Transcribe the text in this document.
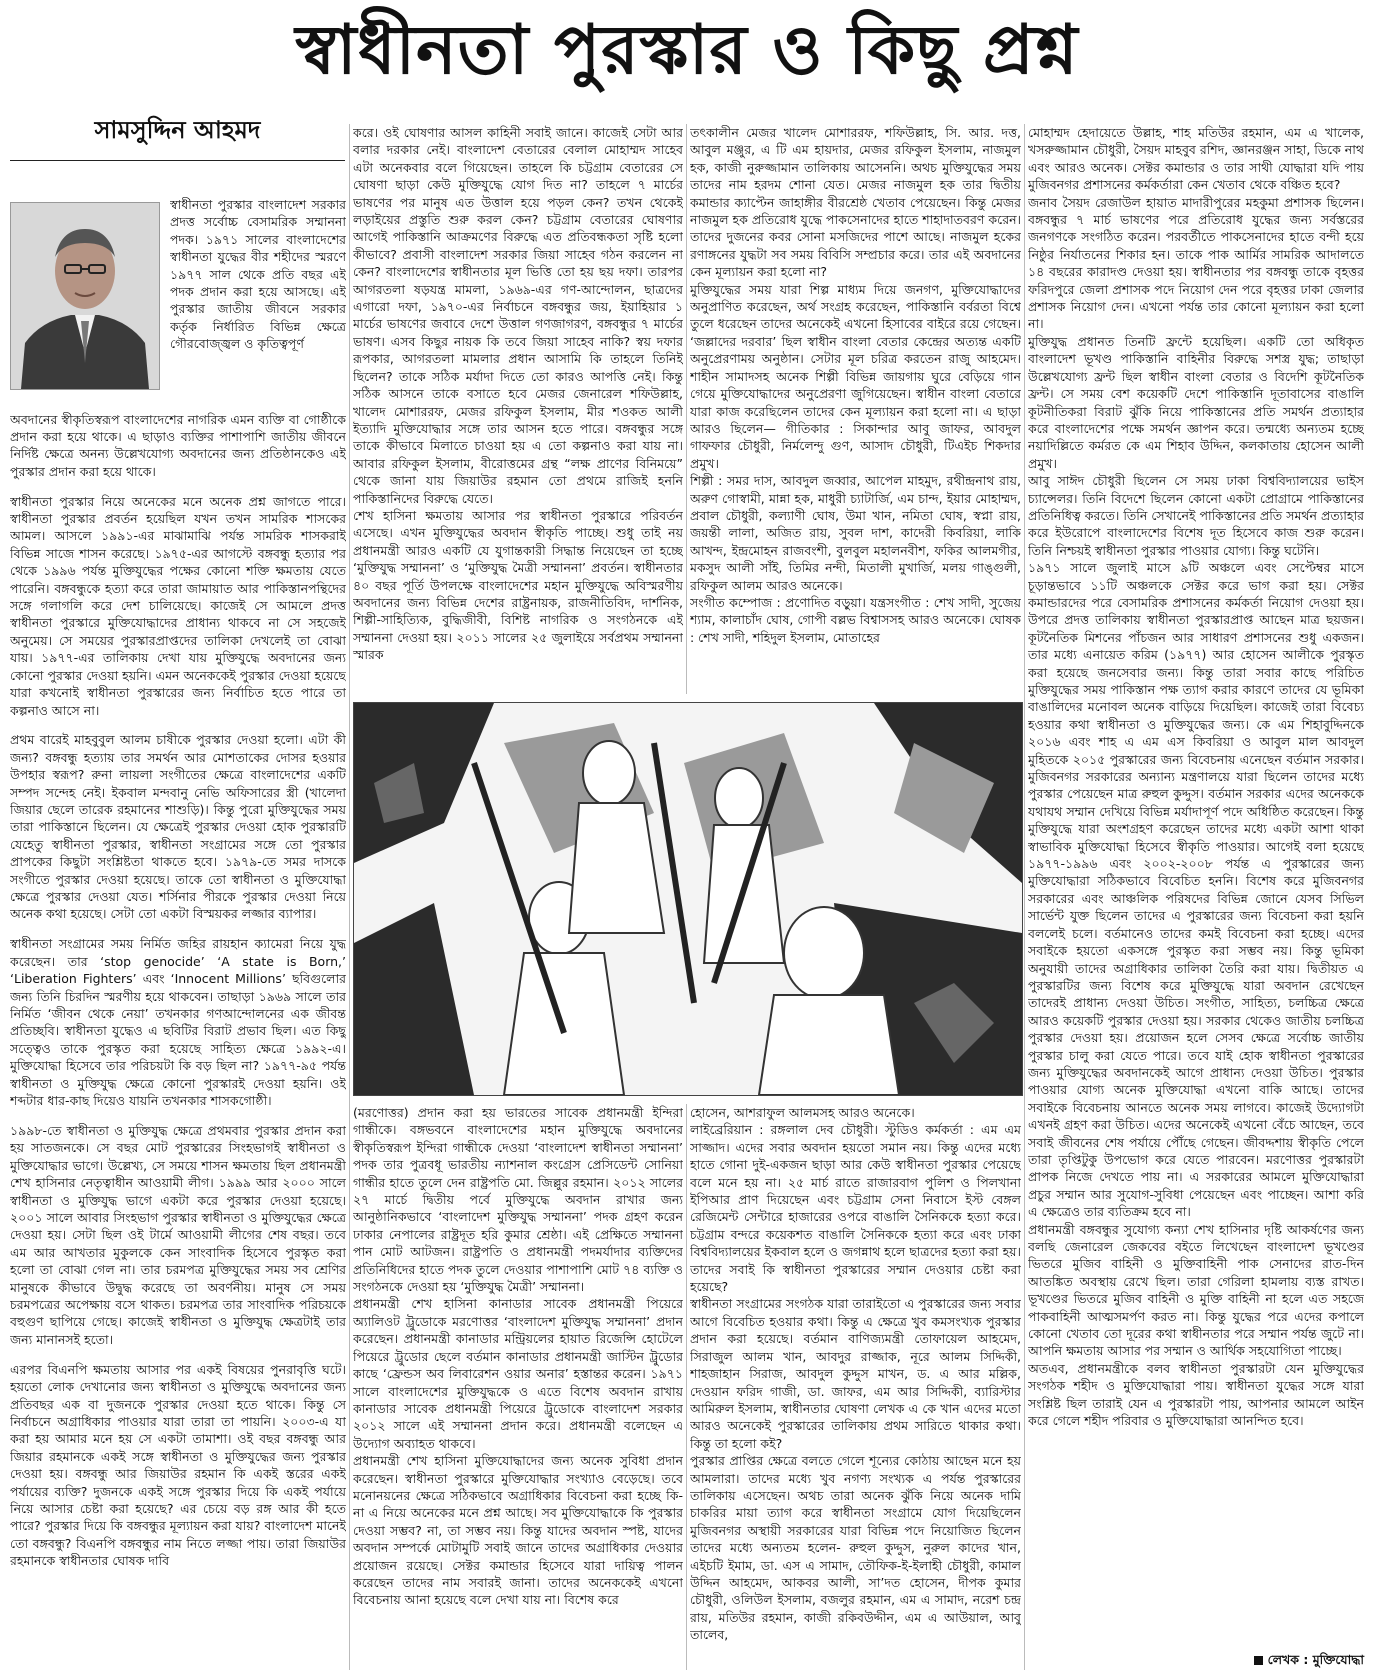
স্বাধীনতা পুরস্কার ও কিছু প্রশ্ন
সামসুদ্দিন আহমদ
স্বাধীনতা পুরস্কার বাংলাদেশ সরকার প্রদত্ত সর্বোচ্চ বেসামরিক সম্মাননা পদক। ১৯৭১ সালের বাংলাদেশের স্বাধীনতা যুদ্ধের বীর শহীদের স্মরণে ১৯৭৭ সাল থেকে প্রতি বছর এই পদক প্রদান করা হয়ে আসছে। এই পুরস্কার জাতীয় জীবনে সরকার কর্তৃক নির্ধারিত বিভিন্ন ক্ষেত্রে গৌরবোজ্জ্বল ও কৃতিত্বপূর্ণ

অবদানের স্বীকৃতিস্বরূপ বাংলাদেশের নাগরিক এমন ব্যক্তি বা গোষ্ঠীকে প্রদান করা হয়ে থাকে। এ ছাড়াও ব্যক্তির পাশাপাশি জাতীয় জীবনে নির্দিষ্ট ক্ষেত্রে অনন্য উল্লেখযোগ্য অবদানের জন্য প্রতিষ্ঠানকেও এই পুরস্কার প্রদান করা হয়ে থাকে।

স্বাধীনতা পুরস্কার নিয়ে অনেকের মনে অনেক প্রশ্ন জাগতে পারে। স্বাধীনতা পুরস্কার প্রবর্তন হয়েছিল যখন তখন সামরিক শাসকের আমল। আসলে ১৯৯১-এর মাঝামাঝি পর্যন্ত সামরিক শাসকরাই বিভিন্ন সাজে শাসন করেছে। ১৯৭৫-এর আগস্টে বঙ্গবন্ধু হত্যার পর থেকে ১৯৯৬ পর্যন্ত মুক্তিযুদ্ধের পক্ষের কোনো শক্তি ক্ষমতায় যেতে পারেনি। বঙ্গবন্ধুকে হত্যা করে তারা জামায়াত আর পাকিস্তানপন্থিদের সঙ্গে গলাগলি করে দেশ চালিয়েছে। কাজেই সে আমলে প্রদত্ত স্বাধীনতা পুরস্কারে মুক্তিযোদ্ধাদের প্রাধান্য থাকবে না সে সহজেই অনুমেয়। সে সময়ের পুরস্কারপ্রাপ্তদের তালিকা দেখলেই তা বোঝা যায়। ১৯৭৭-এর তালিকায় দেখা যায় মুক্তিযুদ্ধে অবদানের জন্য কোনো পুরস্কার দেওয়া হয়নি। এমন অনেককেই পুরস্কার দেওয়া হয়েছে যারা কখনোই স্বাধীনতা পুরস্কারের জন্য নির্বাচিত হতে পারে তা কল্পনাও আসে না।

প্রথম বারেই মাহবুবুল আলম চাষীকে পুরস্কার দেওয়া হলো। এটা কী জন্য? বঙ্গবন্ধু হত্যায় তার সমর্থন আর মোশতাকের দোসর হওয়ার উপহার স্বরূপ? রুনা লায়লা সংগীতের ক্ষেত্রে বাংলাদেশের একটি সম্পদ সন্দেহ নেই। ইকবাল মন্দবানু নেভি অফিসারের স্ত্রী (খালেদা জিয়ার ছেলে তারেক রহমানের শাশুড়ি)। কিন্তু পুরো মুক্তিযুদ্ধের সময় তারা পাকিস্তানে ছিলেন। যে ক্ষেত্রেই পুরস্কার দেওয়া হোক পুরস্কারটি যেহেতু স্বাধীনতা পুরস্কার, স্বাধীনতা সংগ্রামের সঙ্গে তো পুরস্কার প্রাপকের কিছুটা সংশ্লিষ্টতা থাকতে হবে। ১৯৭৯-তে সমর দাসকে সংগীতে পুরস্কার দেওয়া হয়েছে। তাকে তো স্বাধীনতা ও মুক্তিযোদ্ধা ক্ষেত্রে পুরস্কার দেওয়া যেত। শর্সিনার পীরকে পুরস্কার দেওয়া নিয়ে অনেক কথা হয়েছে। সেটা তো একটা বিস্ময়কর লজ্জার ব্যাপার।

স্বাধীনতা সংগ্রামের সময় নির্মিত জহির রায়হান ক্যামেরা নিয়ে যুদ্ধ করেছেন। তার ‘stop genocide’ ‘A state is Born,’ ‘Liberation Fighters’ এবং ‘Innocent Millions’ ছবিগুলোর জন্য তিনি চিরদিন স্মরণীয় হয়ে থাকবেন। তাছাড়া ১৯৬৯ সালে তার নির্মিত ‘জীবন থেকে নেয়া’ তখনকার গণআন্দোলনের এক জীবন্ত প্রতিচ্ছবি। স্বাধীনতা যুদ্ধেও এ ছবিটির বিরাট প্রভাব ছিল। এত কিছু সত্ত্বেও তাকে পুরস্কৃত করা হয়েছে সাহিত্য ক্ষেত্রে ১৯৯২-এ। মুক্তিযোদ্ধা হিসেবে তার পরিচয়টা কি বড় ছিল না? ১৯৭৭-৯৫ পর্যন্ত স্বাধীনতা ও মুক্তিযুদ্ধ ক্ষেত্রে কোনো পুরস্কারই দেওয়া হয়নি। ওই শব্দটার ধার-কাছ দিয়েও যায়নি তখনকার শাসকগোষ্ঠী।

১৯৯৮-তে স্বাধীনতা ও মুক্তিযুদ্ধ ক্ষেত্রে প্রথমবার পুরস্কার প্রদান করা হয় সাতজনকে। সে বছর মোট পুরস্কারের সিংহভাগই স্বাধীনতা ও মুক্তিযোদ্ধার ভাগে। উল্লেখ্য, সে সময়ে শাসন ক্ষমতায় ছিল প্রধানমন্ত্রী শেখ হাসিনার নেতৃত্বাধীন আওয়ামী লীগ। ১৯৯৯ আর ২০০০ সালে স্বাধীনতা ও মুক্তিযুদ্ধ ভাগে একটা করে পুরস্কার দেওয়া হয়েছে। ২০০১ সালে আবার সিংহভাগ পুরস্কার স্বাধীনতা ও মুক্তিযুদ্ধের ক্ষেত্রে দেওয়া হয়। সেটা ছিল ওই টার্মে আওয়ামী লীগের শেষ বছর। তবে এম আর আখতার মুকুলকে কেন সাংবাদিক হিসেবে পুরস্কৃত করা হলো তা বোঝা গেল না। তার চরমপত্র মুক্তিযুদ্ধের সময় সব শ্রেণির মানুষকে কীভাবে উদ্বুদ্ধ করেছে তা অবর্ণনীয়। মানুষ সে সময় চরমপত্রের অপেক্ষায় বসে থাকত। চরমপত্র তার সাংবাদিক পরিচয়কে বহুগুণ ছাপিয়ে গেছে। কাজেই স্বাধীনতা ও মুক্তিযুদ্ধ ক্ষেত্রটাই তার জন্য মানানসই হতো।

এরপর বিএনপি ক্ষমতায় আসার পর একই বিষয়ের পুনরাবৃত্তি ঘটে। হয়তো লোক দেখানোর জন্য স্বাধীনতা ও মুক্তিযুদ্ধে অবদানের জন্য প্রতিবছর এক বা দুজনকে পুরস্কার দেওয়া হতে থাকে। কিন্তু সে নির্বাচনে অগ্রাধিকার পাওয়ার যারা তারা তা পায়নি। ২০০৩-এ যা করা হয় আমার মনে হয় সে একটা তামাশা। ওই বছর বঙ্গবন্ধু আর জিয়ার রহমানকে একই সঙ্গে স্বাধীনতা ও মুক্তিযুদ্ধের জন্য পুরস্কার দেওয়া হয়। বঙ্গবন্ধু আর জিয়াউর রহমান কি একই স্তরের একই পর্যায়ের ব্যক্তি? দুজনকে একই সঙ্গে পুরস্কার দিয়ে কি একই পর্যায়ে নিয়ে আসার চেষ্টা করা হয়েছে? এর চেয়ে বড় রঙ্গ আর কী হতে পারে? পুরস্কার দিয়ে কি বঙ্গবন্ধুর মূল্যায়ন করা যায়? বাংলাদেশ মানেই তো বঙ্গবন্ধু? বিএনপি বঙ্গবন্ধুর নাম নিতে লজ্জা পায়। তারা জিয়াউর রহমানকে স্বাধীনতার ঘোষক দাবি

করে। ওই ঘোষণার আসল কাহিনী সবাই জানে। কাজেই সেটা আর বলার দরকার নেই। বাংলাদেশ বেতারের বেলাল মোহাম্মদ সাহেব এটা অনেকবার বলে গিয়েছেন। তাহলে কি চট্টগ্রাম বেতারের সে ঘোষণা ছাড়া কেউ মুক্তিযুদ্ধে যোগ দিত না? তাহলে ৭ মার্চের ভাষণের পর মানুষ এত উত্তাল হয়ে পড়ল কেন? তখন থেকেই লড়াইয়ের প্রস্তুতি শুরু করল কেন? চট্টগ্রাম বেতারের ঘোষণার আগেই পাকিস্তানি আক্রমণের বিরুদ্ধে এত প্রতিবন্ধকতা সৃষ্টি হলো কীভাবে? প্রবাসী বাংলাদেশ সরকার জিয়া সাহেব গঠন করলেন না কেন? বাংলাদেশের স্বাধীনতার মূল ভিত্তি তো হয় ছয় দফা। তারপর আগরতলা ষড়যন্ত্র মামলা, ১৯৬৯-এর গণ-আন্দোলন, ছাত্রদের এগারো দফা, ১৯৭০-এর নির্বাচনে বঙ্গবন্ধুর জয়, ইয়াহিয়ার ১ মার্চের ভাষণের জবাবে দেশে উত্তাল গণজাগরণ, বঙ্গবন্ধুর ৭ মার্চের ভাষণ। এসব কিছুর নায়ক কি তবে জিয়া সাহেব নাকি? স্বয় দফার রূপকার, আগরতলা মামলার প্রধান আসামি কি তাহলে তিনিই ছিলেন? তাকে সঠিক মর্যাদা দিতে তো কারও আপত্তি নেই। কিন্তু সঠিক আসনে তাকে বসাতে হবে মেজর জেনারেল শফিউল্লাহ, খালেদ মোশাররফ, মেজর রফিকুল ইসলাম, মীর শওকত আলী ইত্যাদি মুক্তিযোদ্ধার সঙ্গে তার আসন হতে পারে। বঙ্গবন্ধুর সঙ্গে তাকে কীভাবে মিলাতে চাওয়া হয় এ তো কল্পনাও করা যায় না। আবার রফিকুল ইসলাম, বীরোত্তমের গ্রন্থ “লক্ষ প্রাণের বিনিময়ে” থেকে জানা যায় জিয়াউর রহমান তো প্রথমে রাজিই হননি পাকিস্তানিদের বিরুদ্ধে যেতে।
শেখ হাসিনা ক্ষমতায় আসার পর স্বাধীনতা পুরস্কারে পরিবর্তন এসেছে। এখন মুক্তিযুদ্ধের অবদান স্বীকৃতি পাচ্ছে। শুধু তাই নয় প্রধানমন্ত্রী আরও একটি যে যুগান্তকারী সিদ্ধান্ত নিয়েছেন তা হচ্ছে ‘মুক্তিযুদ্ধ সম্মাননা’ ও ‘মুক্তিযুদ্ধ মৈত্রী সম্মাননা’ প্রবর্তন। স্বাধীনতার ৪০ বছর পূর্তি উপলক্ষে বাংলাদেশের মহান মুক্তিযুদ্ধে অবিস্মরণীয় অবদানের জন্য বিভিন্ন দেশের রাষ্ট্রনায়ক, রাজনীতিবিদ, দার্শনিক, শিল্পী-সাহিত্যিক, বুদ্ধিজীবী, বিশিষ্ট নাগরিক ও সংগঠনকে এই সম্মাননা দেওয়া হয়। ২০১১ সালের ২৫ জুলাইয়ে সর্বপ্রথম সম্মাননা স্মারক
তৎকালীন মেজর খালেদ মোশাররফ, শফিউল্লাহ, সি. আর. দত্ত, আবুল মঞ্জুর, এ টি এম হায়দার, মেজর রফিকুল ইসলাম, নাজমুল হক, কাজী নুরুজ্জামান তালিকায় আসেননি। অথচ মুক্তিযুদ্ধের সময় তাদের নাম হরদম শোনা যেত। মেজর নাজমুল হক তার দ্বিতীয় কমান্ডার ক্যাপ্টেন জাহাঙ্গীর বীরশ্রেষ্ঠ খেতাব পেয়েছেন। কিন্তু মেজর নাজমুল হক প্রতিরোধ যুদ্ধে পাকসেনাদের হাতে শাহাদাতবরণ করেন। তাদের দুজনের কবর সোনা মসজিদের পাশে আছে। নাজমুল হকের রণাঙ্গনের যুদ্ধটা সব সময় বিবিসি সম্প্রচার করে। তার এই অবদানের কেন মূল্যায়ন করা হলো না?
মুক্তিযুদ্ধের সময় যারা শিল্প মাধ্যম দিয়ে জনগণ, মুক্তিযোদ্ধাদের অনুপ্রাণিত করেছেন, অর্থ সংগ্রহ করেছেন, পাকিস্তানি বর্বরতা বিশ্বে তুলে ধরেছেন তাদের অনেকেই এখনো হিসাবের বাইরে রয়ে গেছেন। ‘জল্লাদের দরবার’ ছিল স্বাধীন বাংলা বেতার কেন্দ্রের অত্যন্ত একটি অনুপ্রেরণাময় অনুষ্ঠান। সেটার মূল চরিত্র করতেন রাজু আহমেদ। শাহীন সামাদসহ অনেক শিল্পী বিভিন্ন জায়গায় ঘুরে বেড়িয়ে গান গেয়ে মুক্তিযোদ্ধাদের অনুপ্রেরণা জুগিয়েছেন। স্বাধীন বাংলা বেতারে যারা কাজ করেছিলেন তাদের কেন মূল্যায়ন করা হলো না। এ ছাড়া আরও ছিলেন— গীতিকার : সিকান্দার আবু জাফর, আবদুল গাফফার চৌধুরী, নির্মলেন্দু গুণ, আসাদ চৌধুরী, টিএইচ শিকদার প্রমুখ।
শিল্পী : সমর দাস, আবদুল জব্বার, আপেল মাহমুদ, রথীন্দ্রনাথ রায়, অরুণ গোস্বামী, মান্না হক, মাধুরী চ্যাটার্জি, এম চান্দ, ইয়ার মোহাম্মদ, প্রবাল চৌধুরী, কল্যাণী ঘোষ, উমা খান, নমিতা ঘোষ, স্বপ্না রায়, জয়ন্তী লালা, অজিত রায়, সুবল দাশ, কাদেরী কিবরিয়া, লাকি আখন্দ, ইন্দ্রমোহন রাজবংশী, বুলবুল মহালনবীশ, ফকির আলমগীর, মকসুদ আলী সাঁই, তিমির নন্দী, মিতালী মুখার্জি, মলয় গাঙ্গুলী, রফিকুল আলম আরও অনেকে।
সংগীত কম্পোজ : প্রণোদিত বড়ুয়া। যন্ত্রসংগীত : শেখ সাদী, সুজেয় শ্যাম, কালাচাঁদ ঘোষ, গোপী বল্লভ বিশ্বাসসহ আরও অনেকে। ঘোষক : শেখ সাদী, শহিদুল ইসলাম, মোতাহের
(মরণোত্তর) প্রদান করা হয় ভারতের সাবেক প্রধানমন্ত্রী ইন্দিরা গান্ধীকে। বঙ্গভবনে বাংলাদেশের মহান মুক্তিযুদ্ধে অবদানের স্বীকৃতিস্বরূপ ইন্দিরা গান্ধীকে দেওয়া ‘বাংলাদেশ স্বাধীনতা সম্মাননা’ পদক তার পুত্রবধূ ভারতীয় ন্যাশনাল কংগ্রেস প্রেসিডেন্ট সোনিয়া গান্ধীর হাতে তুলে দেন রাষ্ট্রপতি মো. জিল্লুর রহমান। ২০১২ সালের ২৭ মার্চে দ্বিতীয় পর্বে মুক্তিযুদ্ধে অবদান রাখার জন্য আনুষ্ঠানিকভাবে ‘বাংলাদেশ মুক্তিযুদ্ধ সম্মাননা’ পদক গ্রহণ করেন ঢাকার নেপালের রাষ্ট্রদূত হরি কুমার শ্রেষ্ঠা। এই প্রেক্ষিতে সম্মাননা পান মোট আটজন। রাষ্ট্রপতি ও প্রধানমন্ত্রী পদমর্যাদার ব্যক্তিদের প্রতিনিধিদের হাতে পদক তুলে দেওয়ার পাশাপাশি মোট ৭৪ ব্যক্তি ও সংগঠনকে দেওয়া হয় ‘মুক্তিযুদ্ধ মৈত্রী’ সম্মাননা।
প্রধানমন্ত্রী শেখ হাসিনা কানাডার সাবেক প্রধানমন্ত্রী পিয়েরে অ্যালিওট ট্রুডোকে মরণোত্তর ‘বাংলাদেশ মুক্তিযুদ্ধ সম্মাননা’ প্রদান করেছেন। প্রধানমন্ত্রী কানাডার মন্ট্রিয়লের হায়াত রিজেন্সি হোটেলে পিয়েরে ট্রুডোর ছেলে বর্তমান কানাডার প্রধানমন্ত্রী জাস্টিন ট্রুডোর কাছে ‘ফ্রেন্ডস অব লিবারেশন ওয়ার অনার’ হস্তান্তর করেন। ১৯৭১ সালে বাংলাদেশের মুক্তিযুদ্ধকে ও এতে বিশেষ অবদান রাখায় কানাডার সাবেক প্রধানমন্ত্রী পিয়েরে ট্রুডোকে বাংলাদেশ সরকার ২০১২ সালে এই সম্মাননা প্রদান করে। প্রধানমন্ত্রী বলেছেন এ উদ্যোগ অব্যাহত থাকবে।
প্রধানমন্ত্রী শেখ হাসিনা মুক্তিযোদ্ধাদের জন্য অনেক সুবিধা প্রদান করেছেন। স্বাধীনতা পুরস্কারে মুক্তিযোদ্ধার সংখ্যাও বেড়েছে। তবে মনোনয়নের ক্ষেত্রে সঠিকভাবে অগ্রাধিকার বিবেচনা করা হচ্ছে কি-না এ নিয়ে অনেকের মনে প্রশ্ন আছে। সব মুক্তিযোদ্ধাকে কি পুরস্কার দেওয়া সম্ভব? না, তা সম্ভব নয়। কিন্তু যাদের অবদান স্পষ্ট, যাদের অবদান সম্পর্কে মোটামুটি সবাই জানে তাদের অগ্রাধিকার দেওয়ার প্রয়োজন রয়েছে। সেক্টর কমান্ডার হিসেবে যারা দায়িত্ব পালন করেছেন তাদের নাম সবারই জানা। তাদের অনেককেই এখনো বিবেচনায় আনা হয়েছে বলে দেখা যায় না। বিশেষ করে
হোসেন, আশরাফুল আলমসহ আরও অনেকে।
লাইব্রেরিয়ান : রঙ্গলাল দেব চৌধুরী। স্টুডিও কর্মকর্তা : এম এম সাজ্জাদ। এদের সবার অবদান হয়তো সমান নয়। কিন্তু এদের মধ্যে হাতে গোনা দুই-একজন ছাড়া আর কেউ স্বাধীনতা পুরস্কার পেয়েছে বলে মনে হয় না। ২৫ মার্চ রাতে রাজারবাগ পুলিশ ও পিলখানা ইপিআর প্রাণ দিয়েছেন এবং চট্টগ্রাম সেনা নিবাসে ইস্ট বেঙ্গল রেজিমেন্ট সেন্টারে হাজারের ওপরে বাঙালি সৈনিককে হত্যা করে। চট্টগ্রাম বন্দরে কয়েকশত বাঙালি সৈনিককে হত্যা করে এবং ঢাকা বিশ্ববিদ্যালয়ের ইকবাল হলে ও জগন্নাথ হলে ছাত্রদের হত্যা করা হয়। তাদের সবাই কি স্বাধীনতা পুরস্কারের সম্মান দেওয়ার চেষ্টা করা হয়েছে?
স্বাধীনতা সংগ্রামের সংগঠক যারা তারাইতো এ পুরস্কারের জন্য সবার আগে বিবেচিত হওয়ার কথা। কিন্তু এ ক্ষেত্রে খুব কমসংখ্যক পুরস্কার প্রদান করা হয়েছে। বর্তমান বাণিজ্যমন্ত্রী তোফায়েল আহমেদ, সিরাজুল আলম খান, আবদুর রাজ্জাক, নূরে আলম সিদ্দিকী, শাহজাহান সিরাজ, আবদুল কুদ্দুস মাখন, ড. এ আর মল্লিক, দেওয়ান ফরিদ গাজী, ডা. জাফর, এম আর সিদ্দিকী, ব্যারিস্টার আমিরুল ইসলাম, স্বাধীনতার ঘোষণা লেখক এ কে খান এদের মতো আরও অনেকেই পুরস্কারের তালিকায় প্রথম সারিতে থাকার কথা। কিন্তু তা হলো কই?
পুরস্কার প্রাপ্তির ক্ষেত্রে বলতে গেলে শূন্যের কোঠায় আছেন মনে হয় আমলারা। তাদের মধ্যে খুব নগণ্য সংখ্যক এ পর্যন্ত পুরস্কারের তালিকায় এসেছেন। অথচ তারা অনেক ঝুঁকি নিয়ে অনেক দামি চাকরির মায়া ত্যাগ করে স্বাধীনতা সংগ্রামে যোগ দিয়েছিলেন মুজিবনগর অস্থায়ী সরকারের যারা বিভিন্ন পদে নিয়োজিত ছিলেন তাদের মধ্যে অন্যতম হলেন- রুহুল কুদ্দুস, নুরুল কাদের খান, এইচটি ইমাম, ডা. এস এ সামাদ, তৌফিক-ই-ইলাহী চৌধুরী, কামাল উদ্দিন আহমেদ, আকবর আলী, সা’দত হোসেন, দীপক কুমার চৌধুরী, ওলিউল ইসলাম, বজলুর রহমান, এম এ সামাদ, নরেশ চন্দ্র রায়, মতিউর রহমান, কাজী রকিবউদ্দীন, এম এ আউয়াল, আবু তালেব,
মোহাম্মদ হেদায়েতে উল্লাহ, শাহ মতিউর রহমান, এম এ খালেক, খসরুজ্জামান চৌধুরী, সৈয়দ মাহবুব রশিদ, জ্ঞানরঞ্জন সাহা, ডিকে নাথ এবং আরও অনেক। সেক্টর কমান্ডার ও তার সাথী যোদ্ধারা যদি পায় মুজিবনগর প্রশাসনের কর্মকর্তারা কেন খেতাব থেকে বঞ্চিত হবে?
জনাব সৈয়দ রেজাউল হায়াত মাদারীপুরের মহকুমা প্রশাসক ছিলেন। বঙ্গবন্ধুর ৭ মার্চ ভাষণের পরে প্রতিরোধ যুদ্ধের জন্য সর্বস্তরের জনগণকে সংগঠিত করেন। পরবর্তীতে পাকসেনাদের হাতে বন্দী হয়ে নিষ্ঠুর নির্যাতনের শিকার হন। তাকে পাক আর্মির সামরিক আদালতে ১৪ বছরের কারাদণ্ড দেওয়া হয়। স্বাধীনতার পর বঙ্গবন্ধু তাকে বৃহত্তর ফরিদপুরে জেলা প্রশাসক পদে নিয়োগ দেন পরে বৃহত্তর ঢাকা জেলার প্রশাসক নিয়োগ দেন। এখনো পর্যন্ত তার কোনো মূল্যায়ন করা হলো না।
মুক্তিযুদ্ধ প্রধানত তিনটি ফ্রন্টে হয়েছিল। একটি তো অধিকৃত বাংলাদেশ ভূখণ্ড পাকিস্তানি বাহিনীর বিরুদ্ধে সশস্ত্র যুদ্ধ; তাছাড়া উল্লেখযোগ্য ফ্রন্ট ছিল স্বাধীন বাংলা বেতার ও বিদেশি কূটনৈতিক ফ্রন্ট। সে সময় বেশ কয়েকটি দেশে পাকিস্তানি দূতাবাসের বাঙালি কূটনীতিকরা বিরাট ঝুঁকি নিয়ে পাকিস্তানের প্রতি সমর্থন প্রত্যাহার করে বাংলাদেশের পক্ষে সমর্থন জ্ঞাপন করে। তন্মধ্যে অন্যতম হচ্ছে নয়াদিল্লিতে কর্মরত কে এম শিহাব উদ্দিন, কলকাতায় হোসেন আলী প্রমুখ।
আবু সাঈদ চৌধুরী ছিলেন সে সময় ঢাকা বিশ্ববিদ্যালয়ের ভাইস চ্যান্সেলর। তিনি বিদেশে ছিলেন কোনো একটা প্রোগ্রামে পাকিস্তানের প্রতিনিধিত্ব করতে। তিনি সেখানেই পাকিস্তানের প্রতি সমর্থন প্রত্যাহার করে ইউরোপে বাংলাদেশের বিশেষ দূত হিসেবে কাজ শুরু করেন। তিনি নিশ্চয়ই স্বাধীনতা পুরস্কার পাওয়ার যোগ্য। কিন্তু ঘটেনি।
১৯৭১ সালে জুলাই মাসে ৯টি অঞ্চলে এবং সেপ্টেম্বর মাসে চূড়ান্তভাবে ১১টি অঞ্চলকে সেক্টর করে ভাগ করা হয়। সেক্টর কমান্ডারদের পরে বেসামরিক প্রশাসনের কর্মকর্তা নিয়োগ দেওয়া হয়। উপরে প্রদত্ত তালিকায় স্বাধীনতা পুরস্কারপ্রাপ্ত আছেন মাত্র ছয়জন। কূটনৈতিক মিশনের পাঁচজন আর সাধারণ প্রশাসনের শুধু একজন। তার মধ্যে এনায়েত করিম (১৯৭৭) আর হোসেন আলীকে পুরস্কৃত করা হয়েছে জনসেবার জন্য। কিন্তু তারা সবার কাছে পরিচিত মুক্তিযুদ্ধের সময় পাকিস্তান পক্ষ ত্যাগ করার কারণে তাদের যে ভূমিকা বাঙালিদের মনোবল অনেক বাড়িয়ে দিয়েছিল। কাজেই তারা বিবেচ্য হওয়ার কথা স্বাধীনতা ও মুক্তিযুদ্ধের জন্য। কে এম শিহাবুদ্দিনকে ২০১৬ এবং শাহ এ এম এস কিবরিয়া ও আবুল মাল আবদুল মুহিতকে ২০১৫ পুরস্কারের জন্য বিবেচনায় এনেছেন বর্তমান সরকার। মুজিবনগর সরকারের অন্যান্য মন্ত্রণালয়ে যারা ছিলেন তাদের মধ্যে পুরস্কার পেয়েছেন মাত্র রুহুল কুদ্দুস। বর্তমান সরকার এদের অনেককে যথাযথ সম্মান দেখিয়ে বিভিন্ন মর্যাদাপূর্ণ পদে অধিষ্ঠিত করেছেন। কিন্তু মুক্তিযুদ্ধে যারা অংশগ্রহণ করেছেন তাদের মধ্যে একটা আশা থাকা স্বাভাবিক মুক্তিযোদ্ধা হিসেবে স্বীকৃতি পাওয়ার। আগেই বলা হয়েছে ১৯৭৭-১৯৯৬ এবং ২০০২-২০০৮ পর্যন্ত এ পুরস্কারের জন্য মুক্তিযোদ্ধারা সঠিকভাবে বিবেচিত হননি। বিশেষ করে মুজিবনগর সরকারের এবং আঞ্চলিক পরিষদের বিভিন্ন জোনে যেসব সিভিল সার্ভেন্ট যুক্ত ছিলেন তাদের এ পুরস্কারের জন্য বিবেচনা করা হয়নি বললেই চলে। বর্তমানেও তাদের কমই বিবেচনা করা হচ্ছে। এদের সবাইকে হয়তো একসঙ্গে পুরস্কৃত করা সম্ভব নয়। কিন্তু ভূমিকা অনুযায়ী তাদের অগ্রাধিকার তালিকা তৈরি করা যায়। দ্বিতীয়ত এ পুরস্কারটির জন্য বিশেষ করে মুক্তিযুদ্ধে যারা অবদান রেখেছেন তাদেরই প্রাধান্য দেওয়া উচিত। সংগীত, সাহিত্য, চলচ্চিত্র ক্ষেত্রে আরও কয়েকটি পুরস্কার দেওয়া হয়। সরকার থেকেও জাতীয় চলচ্চিত্র পুরস্কার দেওয়া হয়। প্রয়োজন হলে সেসব ক্ষেত্রে সর্বোচ্চ জাতীয় পুরস্কার চালু করা যেতে পারে। তবে যাই হোক স্বাধীনতা পুরস্কারের জন্য মুক্তিযুদ্ধের অবদানকেই আগে প্রাধান্য দেওয়া উচিত। পুরস্কার পাওয়ার যোগ্য অনেক মুক্তিযোদ্ধা এখনো বাকি আছে। তাদের সবাইকে বিবেচনায় আনতে অনেক সময় লাগবে। কাজেই উদ্যোগটা এখনই গ্রহণ করা উচিত। এদের অনেকেই এখনো বেঁচে আছেন, তবে সবাই জীবনের শেষ পর্যায়ে পৌঁছে গেছেন। জীবদ্দশায় স্বীকৃতি পেলে তারা তৃপ্তিটুকু উপভোগ করে যেতে পারবেন। মরণোত্তর পুরস্কারটা প্রাপক নিজে দেখতে পায় না। এ সরকারের আমলে মুক্তিযোদ্ধারা প্রচুর সম্মান আর সুযোগ-সুবিধা পেয়েছেন এবং পাচ্ছেন। আশা করি এ ক্ষেত্রেও তার ব্যতিক্রম হবে না।
প্রধানমন্ত্রী বঙ্গবন্ধুর সুযোগ্য কন্যা শেখ হাসিনার দৃষ্টি আকর্ষণের জন্য বলছি জেনারেল জেকবের বইতে লিখেছেন বাংলাদেশ ভূখণ্ডের ভিতরে মুজিব বাহিনী ও মুক্তিবাহিনী পাক সেনাদের রাত-দিন আতঙ্কিত অবস্থায় রেখে ছিল। তারা গেরিলা হামলায় ব্যস্ত রাখত। ভূখণ্ডের ভিতরে মুজিব বাহিনী ও মুক্তি বাহিনী না হলে এত সহজে পাকবাহিনী আত্মসমর্পণ করত না। কিন্তু যুদ্ধের পরে এদের কপালে কোনো খেতাব তো দূরের কথা স্বাধীনতার পরে সম্মান পর্যন্ত জুটে না। আপনি ক্ষমতায় আসার পর সম্মান ও আর্থিক সহযোগিতা পাচ্ছে।
অতএব, প্রধানমন্ত্রীকে বলব স্বাধীনতা পুরস্কারটা যেন মুক্তিযুদ্ধের সংগঠক শহীদ ও মুক্তিযোদ্ধারা পায়। স্বাধীনতা যুদ্ধের সঙ্গে যারা সংশ্লিষ্ট ছিল তারাই যেন এ পুরস্কারটা পায়, আপনার আমলে আইন করে গেলে শহীদ পরিবার ও মুক্তিযোদ্ধারা আনন্দিত হবে।
লেখক : মুক্তিযোদ্ধা
